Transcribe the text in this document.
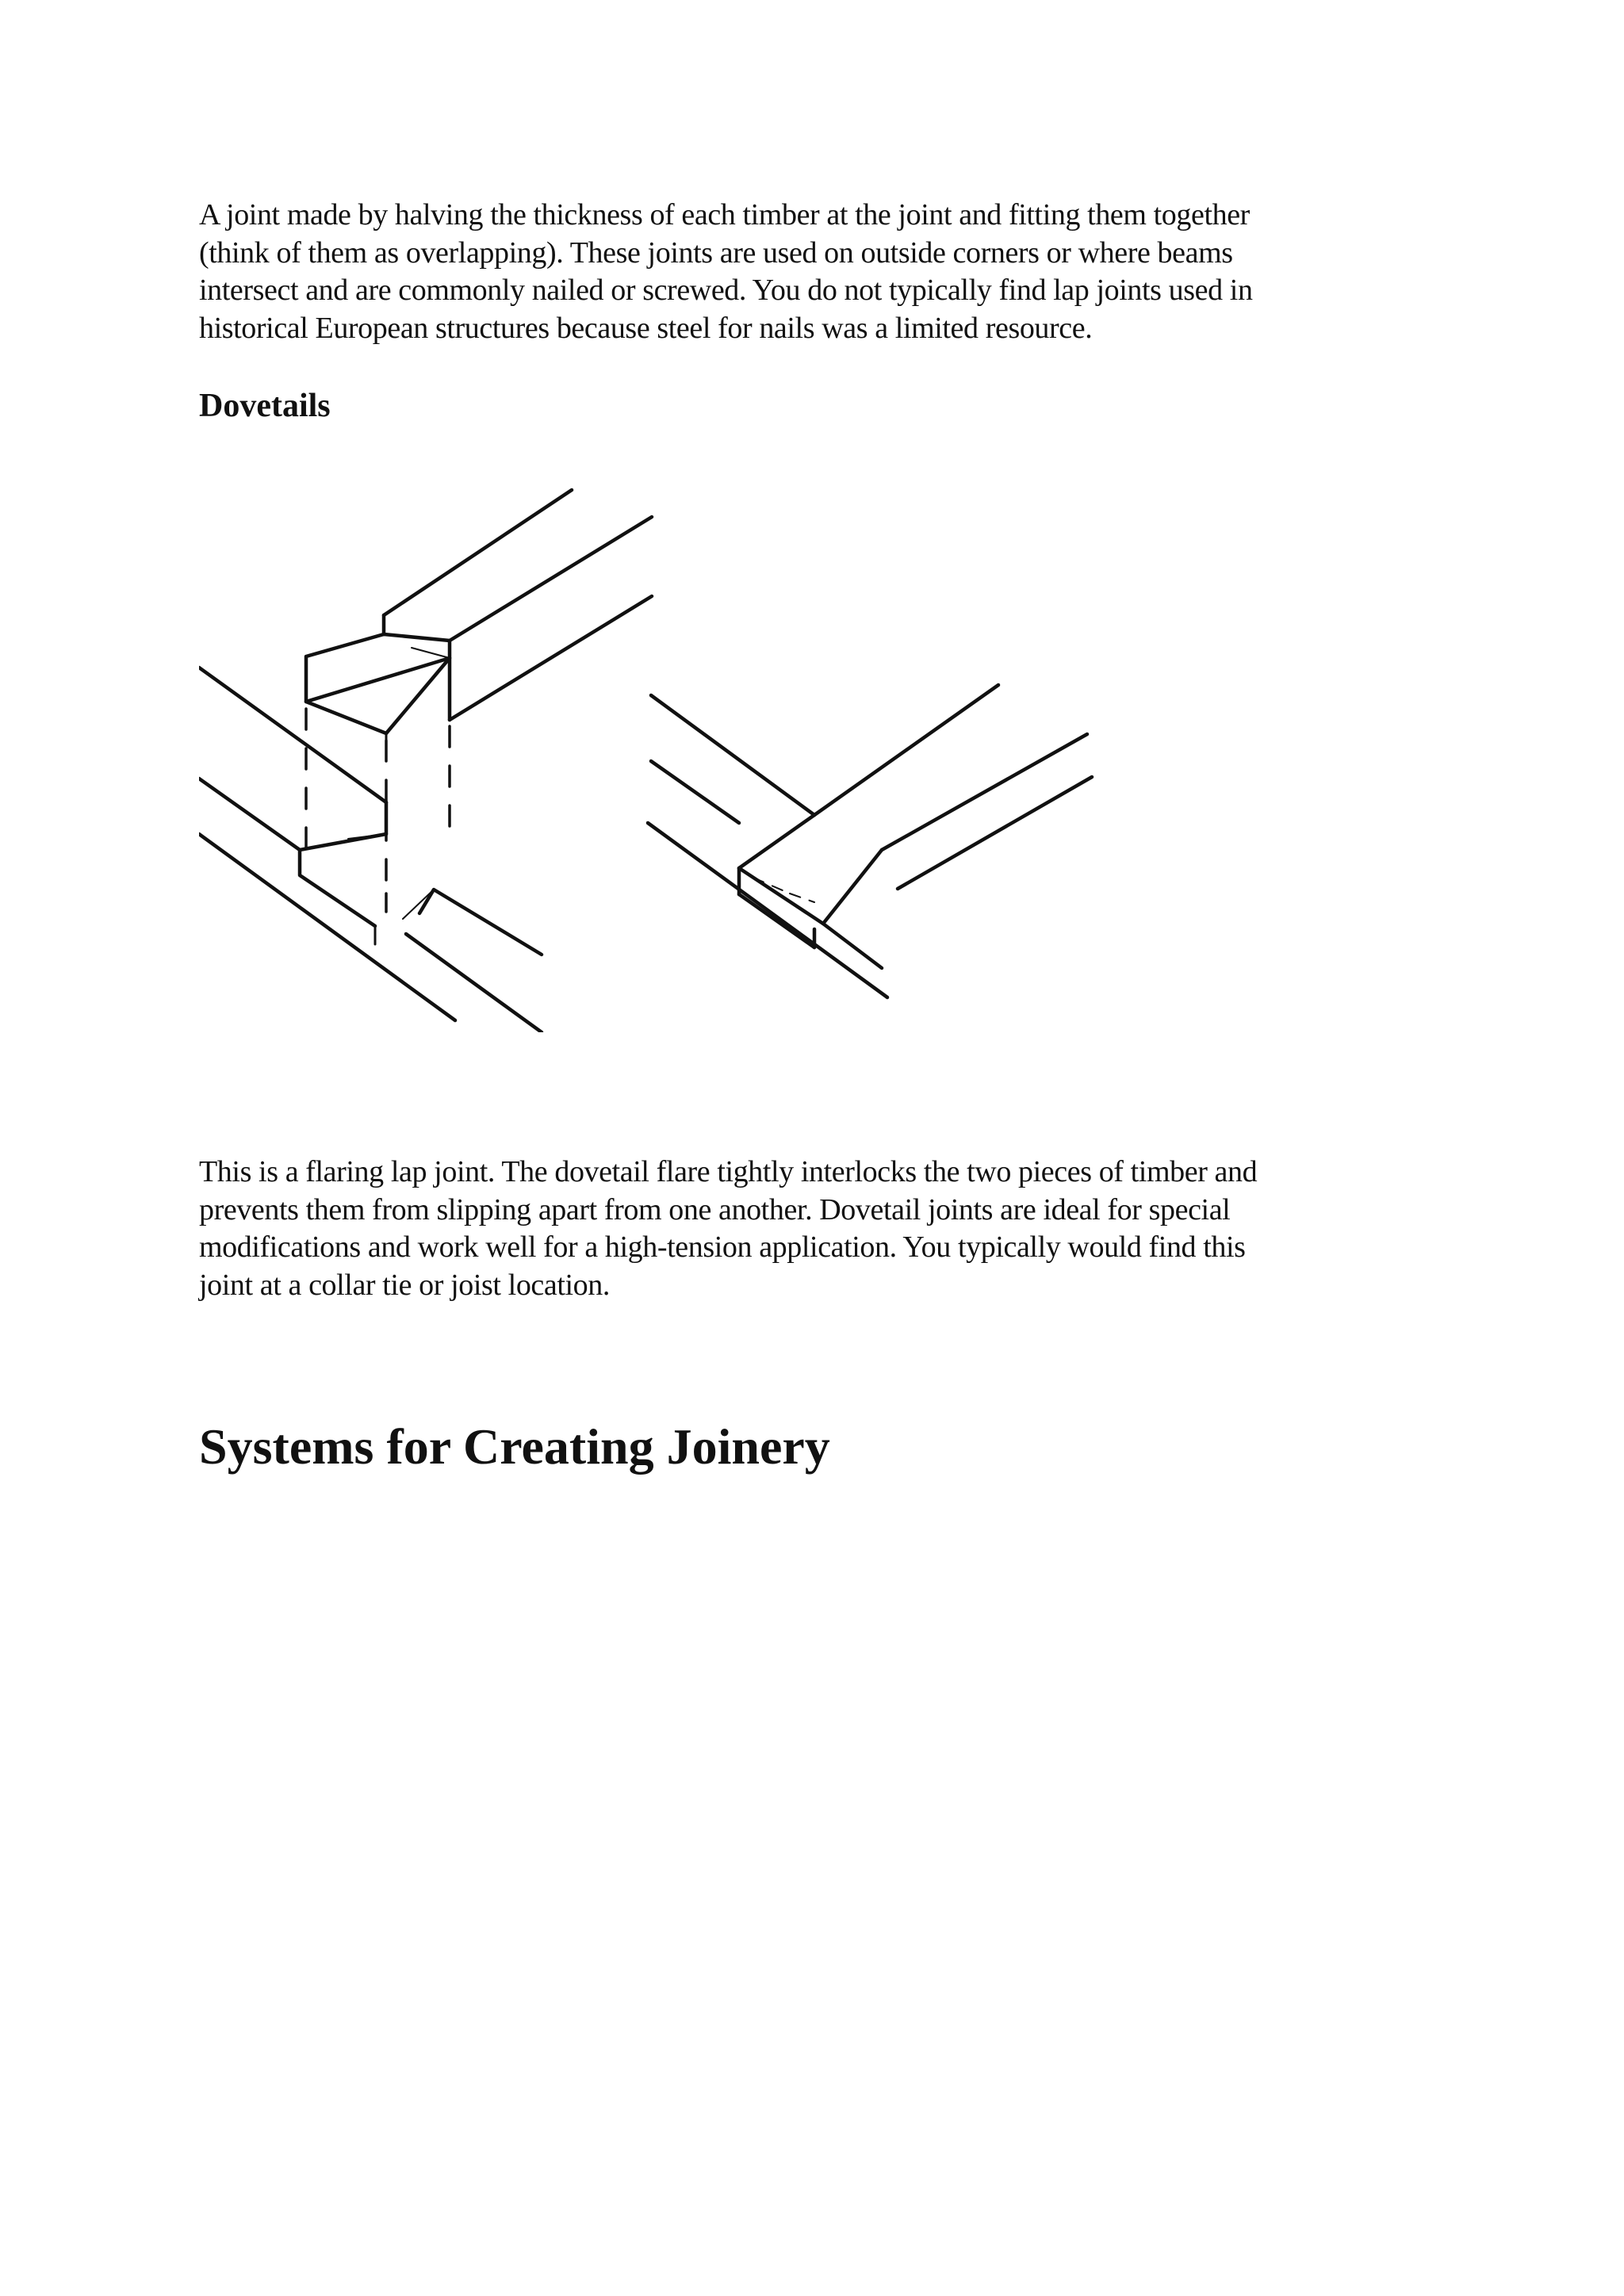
A joint made by halving the thickness of each timber at the joint and fitting them together
(think of them as overlapping). These joints are used on outside corners or where beams
intersect and are commonly nailed or screwed. You do not typically find lap joints used in
historical European structures because steel for nails was a limited resource.

Dovetails

This is a flaring lap joint. The dovetail flare tightly interlocks the two pieces of timber and
prevents them from slipping apart from one another. Dovetail joints are ideal for special
modifications and work well for a high-tension application. You typically would find this
joint at a collar tie or joist location.

Systems for Creating Joinery
